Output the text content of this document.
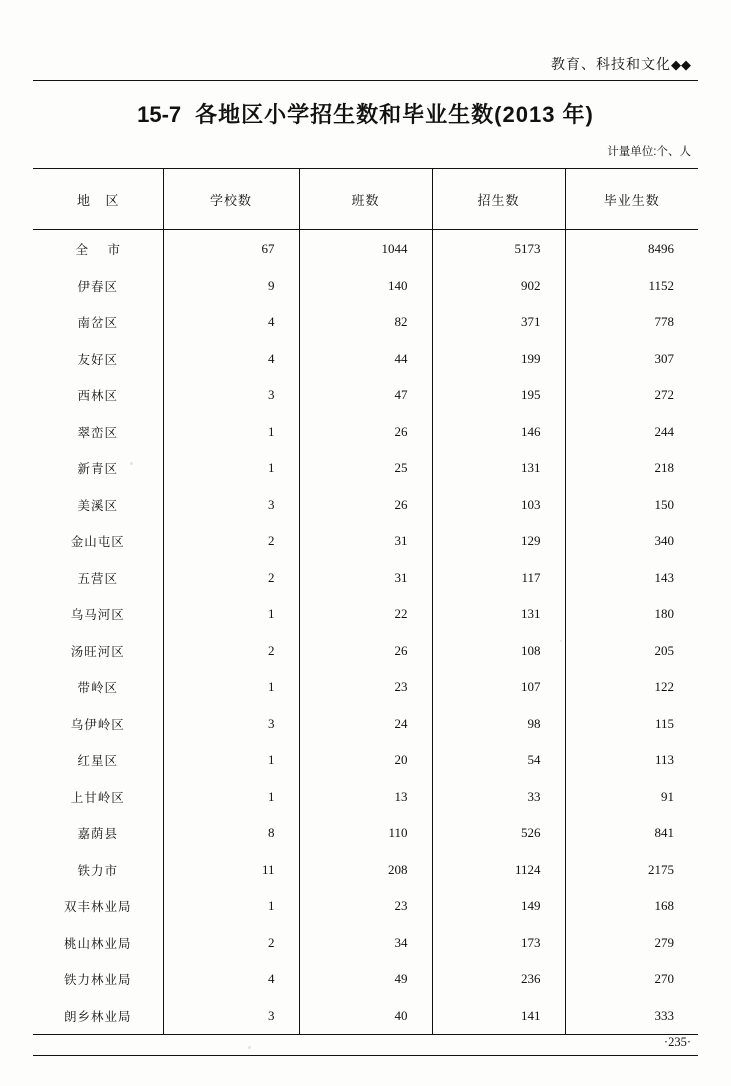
教育、科技和文化◆◆
15-7 各地区小学招生数和毕业生数(2013 年)
计量单位:个、人
地 区	学校数	班数	招生数	毕业生数
全 市	67	1044	5173	8496
伊春区	9	140	902	1152
南岔区	4	82	371	778
友好区	4	44	199	307
西林区	3	47	195	272
翠峦区	1	26	146	244
新青区	1	25	131	218
美溪区	3	26	103	150
金山屯区	2	31	129	340
五营区	2	31	117	143
乌马河区	1	22	131	180
汤旺河区	2	26	108	205
带岭区	1	23	107	122
乌伊岭区	3	24	98	115
红星区	1	20	54	113
上甘岭区	1	13	33	91
嘉荫县	8	110	526	841
铁力市	11	208	1124	2175
双丰林业局	1	23	149	168
桃山林业局	2	34	173	279
铁力林业局	4	49	236	270
朗乡林业局	3	40	141	333
·235·
